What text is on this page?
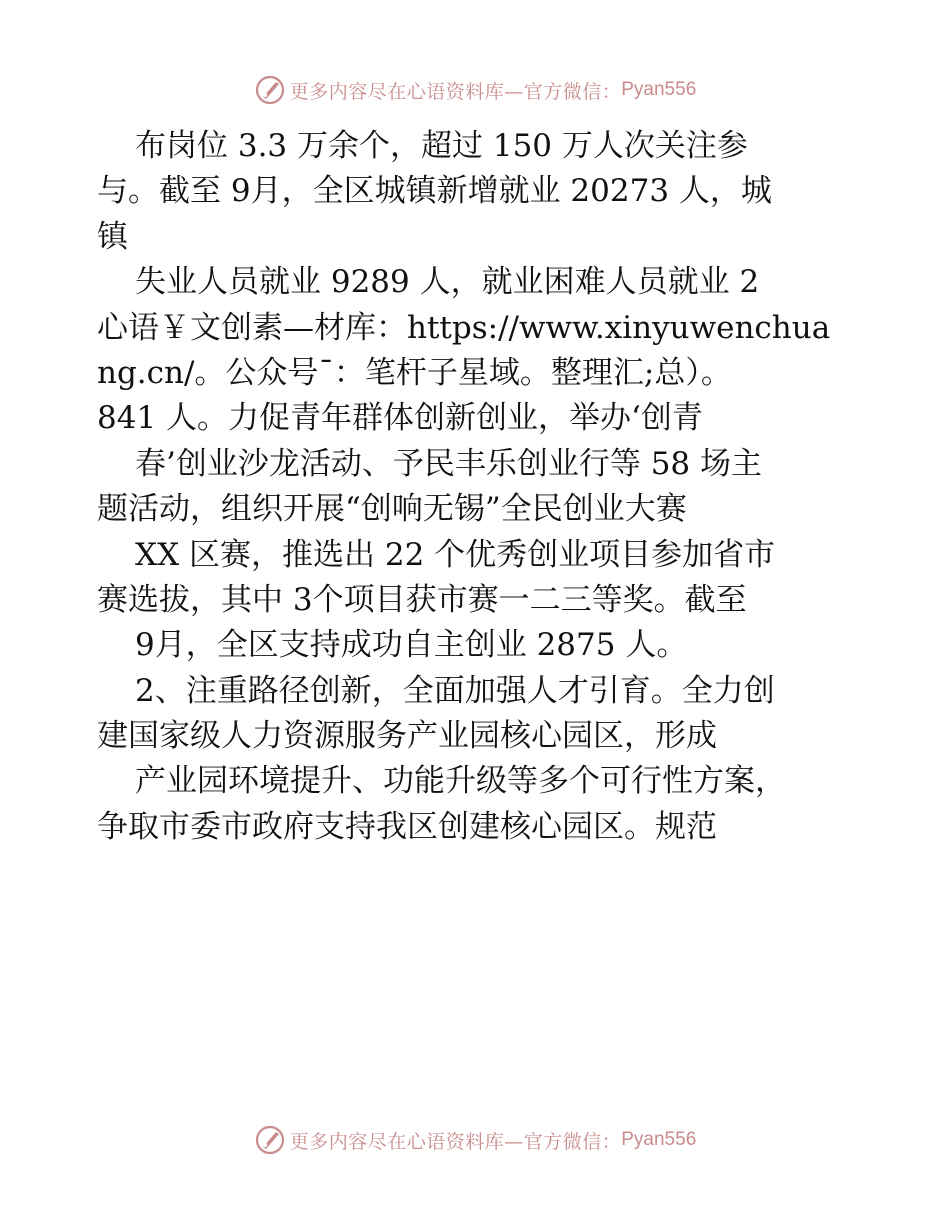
更多内容尽在心语资料库—官方微信： Pyan556

布岗位 3.3 万余个，超过 150 万人次关注参

与。截至 9月，全区城镇新增就业 20273 人，城

镇

失业人员就业 9289 人，就业困难人员就业 2

心语￥文创素—材库：https://www.xinyuwenchua

ng.cn/。公众号¯：笔杆子星域。整理汇;总）。

841 人。力促青年群体创新创业，举办‘创青

春’创业沙龙活动、予民丰乐创业行等 58 场主

题活动，组织开展“创响无锡”全民创业大赛

XX 区赛，推选出 22 个优秀创业项目参加省市

赛选拔，其中 3个项目获市赛一二三等奖。截至

9月，全区支持成功自主创业 2875 人。

2、注重路径创新，全面加强人才引育。全力创

建国家级人力资源服务产业园核心园区，形成

产业园环境提升、功能升级等多个可行性方案，

争取市委市政府支持我区创建核心园区。规范

更多内容尽在心语资料库—官方微信： Pyan556
